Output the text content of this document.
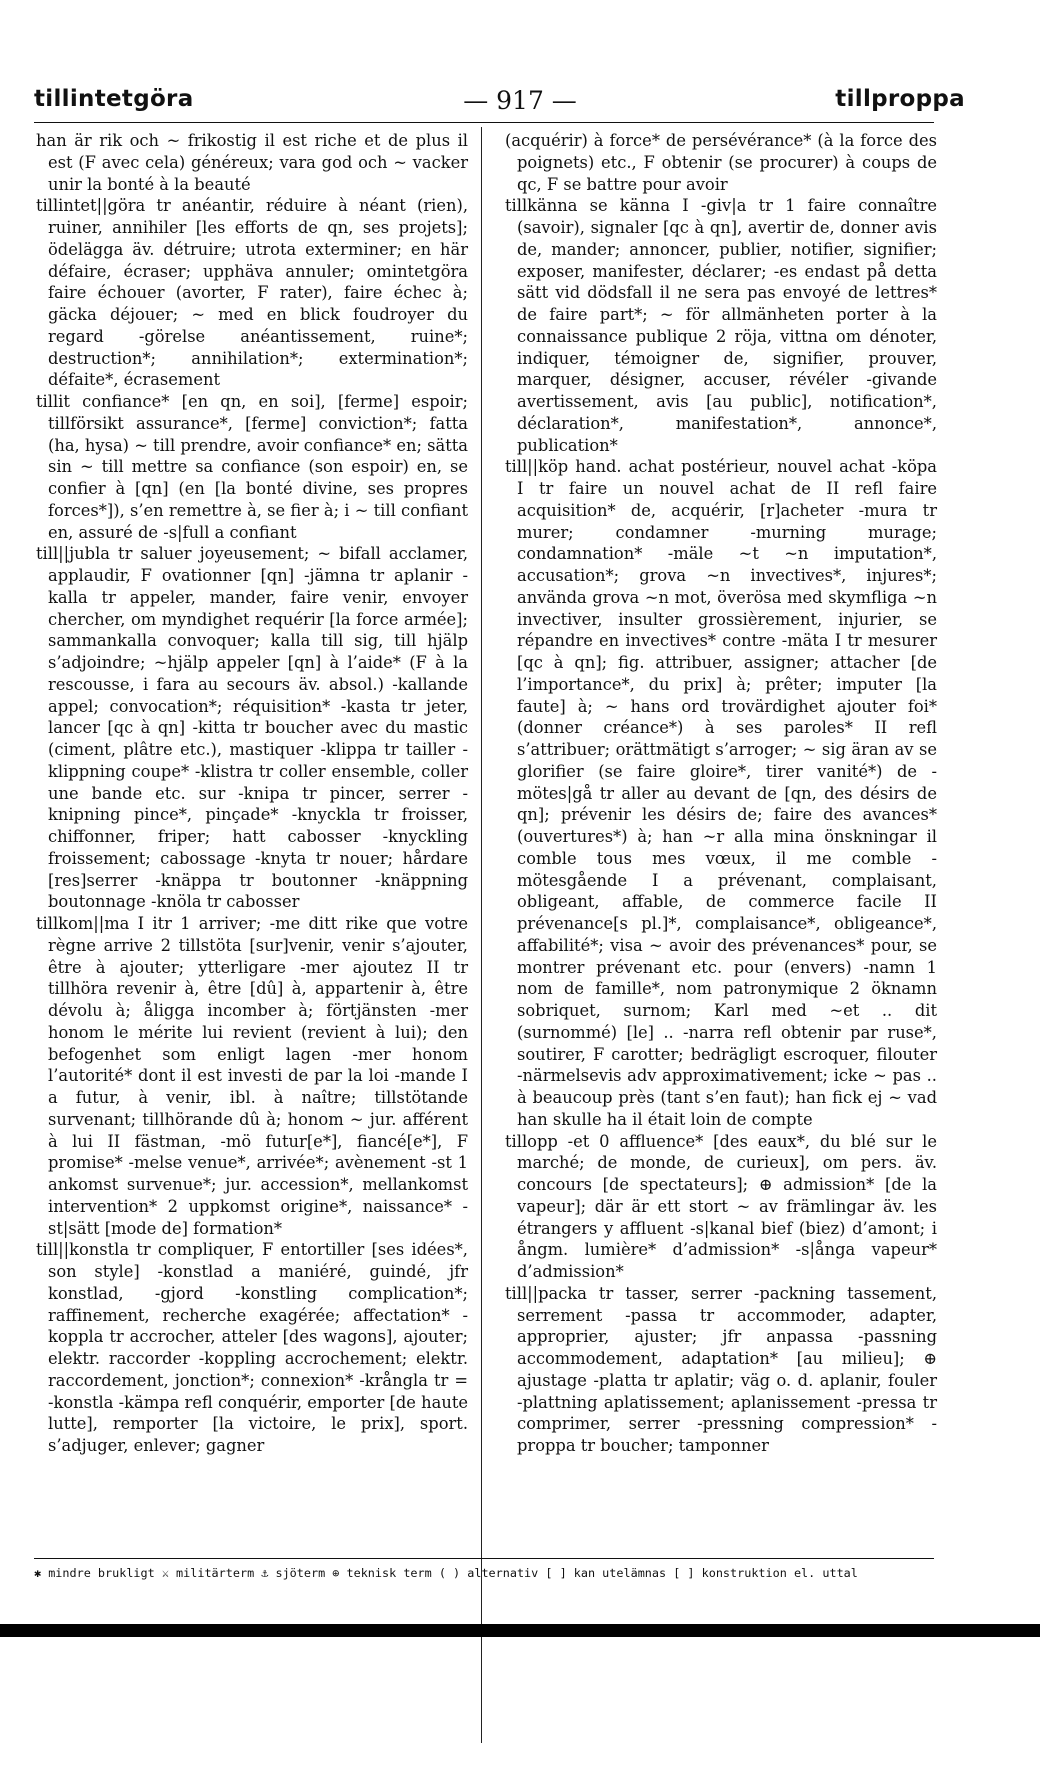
tillintetgöra	— 917 —	tillproppa

han är rik och ~ frikostig il est riche et de plus il est (F avec cela) généreux; vara god och ~ vacker unir la bonté à la beauté

tillintet||göra tr anéantir, réduire à néant (rien), ruiner, annihiler [les efforts de qn, ses projets]; ödelägga äv. détruire; utrota exterminer; en här défaire, écraser; upphäva annuler; omintetgöra faire échouer (avorter, F rater), faire échec à; gäcka déjouer; ~ med en blick foudroyer du regard -görelse anéantissement, ruine*; destruction*; annihilation*; extermination*; défaite*, écrasement

tillit confiance* [en qn, en soi], [ferme] espoir; tillförsikt assurance*, [ferme] conviction*; fatta (ha, hysa) ~ till prendre, avoir confiance* en; sätta sin ~ till mettre sa confiance (son espoir) en, se confier à [qn] (en [la bonté divine, ses propres forces*]), s’en remettre à, se fier à; i ~ till confiant en, assuré de -s|full a confiant

till||jubla tr saluer joyeusement; ~ bifall acclamer, applaudir, F ovationner [qn] -jämna tr aplanir -kalla tr appeler, mander, faire venir, envoyer chercher, om myndighet requérir [la force armée]; sammankalla convoquer; kalla till sig, till hjälp s’adjoindre; ~hjälp appeler [qn] à l’aide* (F à la rescousse, i fara au secours äv. absol.) -kallande appel; convocation*; réquisition* -kasta tr jeter, lancer [qc à qn] -kitta tr boucher avec du mastic (ciment, plâtre etc.), mastiquer -klippa tr tailler -klippning coupe* -klistra tr coller ensemble, coller une bande etc. sur -knipa tr pincer, serrer -knipning pince*, pinçade* -knyckla tr froisser, chiffonner, friper; hatt cabosser -knyckling froissement; cabossage -knyta tr nouer; hårdare [res]serrer -knäppa tr boutonner -knäppning boutonnage -knöla tr cabosser

tillkom||ma I itr 1 arriver; -me ditt rike que votre règne arrive 2 tillstöta [sur]venir, venir s’ajouter, être à ajouter; ytterligare -mer ajoutez II tr tillhöra revenir à, être [dû] à, appartenir à, être dévolu à; åligga incomber à; förtjänsten -mer honom le mérite lui revient (revient à lui); den befogenhet som enligt lagen -mer honom l’autorité* dont il est investi de par la loi -mande I a futur, à venir, ibl. à naître; tillstötande survenant; tillhörande dû à; honom ~ jur. afférent à lui II fästman, -mö futur[e*], fiancé[e*], F promise* -melse venue*, arrivée*; avènement -st 1 ankomst survenue*; jur. accession*, mellankomst intervention* 2 uppkomst origine*, naissance* -st|sätt [mode de] formation*

till||konstla tr compliquer, F entortiller [ses idées*, son style] -konstlad a maniéré, guindé, jfr konstlad, -gjord -konstling complication*; raffinement, recherche exagérée; affectation* -koppla tr accrocher, atteler [des wagons], ajouter; elektr. raccorder -koppling accrochement; elektr. raccordement, jonction*; connexion* -krångla tr = -konstla -kämpa refl conquérir, emporter [de haute lutte], remporter [la victoire, le prix], sport. s’adjuger, enlever; gagner

(acquérir) à force* de persévérance* (à la force des poignets) etc., F obtenir (se procurer) à coups de qc, F se battre pour avoir

tillkänna se känna I -giv|a tr 1 faire connaître (savoir), signaler [qc à qn], avertir de, donner avis de, mander; annoncer, publier, notifier, signifier; exposer, manifester, déclarer; -es endast på detta sätt vid dödsfall il ne sera pas envoyé de lettres* de faire part*; ~ för allmänheten porter à la connaissance publique 2 röja, vittna om dénoter, indiquer, témoigner de, signifier, prouver, marquer, désigner, accuser, révéler -givande avertissement, avis [au public], notification*, déclaration*, manifestation*, annonce*, publication*

till||köp hand. achat postérieur, nouvel achat -köpa I tr faire un nouvel achat de II refl faire acquisition* de, acquérir, [r]acheter -mura tr murer; condamner -murning murage; condamnation* -mäle ~t ~n imputation*, accusation*; grova ~n invectives*, injures*; använda grova ~n mot, överösa med skymfliga ~n invectiver, insulter grossièrement, injurier, se répandre en invectives* contre -mäta I tr mesurer [qc à qn]; fig. attribuer, assigner; attacher [de l’importance*, du prix] à; prêter; imputer [la faute] à; ~ hans ord trovärdighet ajouter foi* (donner créance*) à ses paroles* II refl s’attribuer; orättmätigt s’arroger; ~ sig äran av se glorifier (se faire gloire*, tirer vanité*) de -mötes|gå tr aller au devant de [qn, des désirs de qn]; prévenir les désirs de; faire des avances* (ouvertures*) à; han ~r alla mina önskningar il comble tous mes vœux, il me comble -mötesgående I a prévenant, complaisant, obligeant, affable, de commerce facile II prévenance[s pl.]*, complaisance*, obligeance*, affabilité*; visa ~ avoir des prévenances* pour, se montrer prévenant etc. pour (envers) -namn 1 nom de famille*, nom patronymique 2 öknamn sobriquet, surnom; Karl med ~et .. dit (surnommé) [le] .. -narra refl obtenir par ruse*, soutirer, F carotter; bedrägligt escroquer, filouter -närmelsevis adv approximativement; icke ~ pas .. à beaucoup près (tant s’en faut); han fick ej ~ vad han skulle ha il était loin de compte

tillopp -et 0 affluence* [des eaux*, du blé sur le marché; de monde, de curieux], om pers. äv. concours [de spectateurs]; ⊕ admission* [de la vapeur]; där är ett stort ~ av främlingar äv. les étrangers y affluent -s|kanal bief (biez) d’amont; i ångm. lumière* d’admission* -s|ånga vapeur* d’admission*

till||packa tr tasser, serrer -packning tassement, serrement -passa tr accommoder, adapter, approprier, ajuster; jfr anpassa -passning accommodement, adaptation* [au milieu]; ⊕ ajustage -platta tr aplatir; väg o. d. aplanir, fouler -plattning aplatissement; aplanissement -pressa tr comprimer, serrer -pressning compression* -proppa tr boucher; tamponner

✱ mindre brukligt ⚔ militärterm ⚓ sjöterm ⊕ teknisk term ( ) alternativ [ ] kan utelämnas [ ] konstruktion el. uttal
